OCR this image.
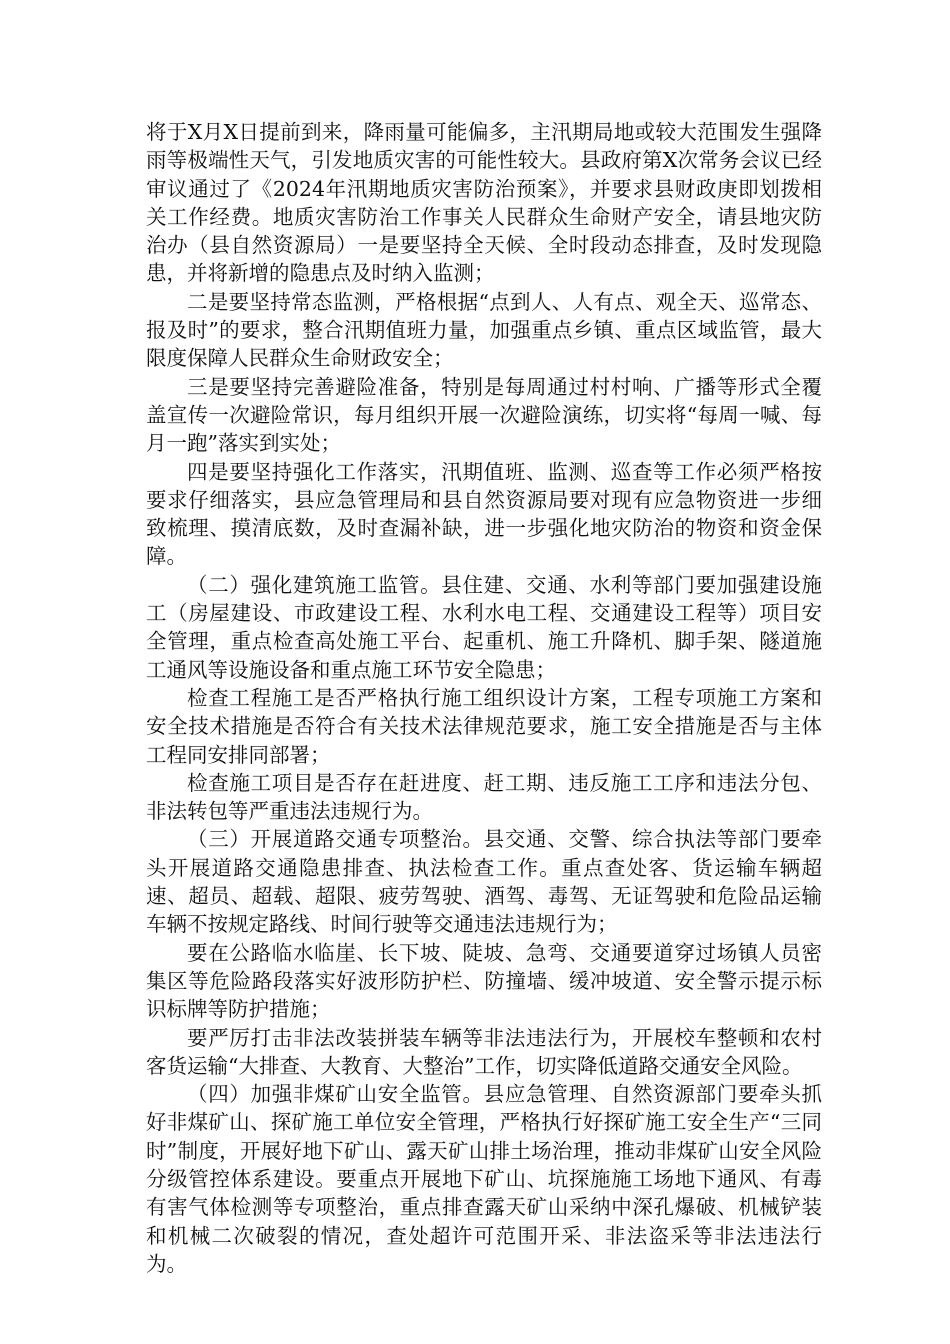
将于X月X日提前到来，降雨量可能偏多，主汛期局地或较大范围发生强降雨等极端性天气，引发地质灾害的可能性较大。县政府第X次常务会议已经审议通过了《2024年汛期地质灾害防治预案》，并要求县财政庚即划拨相关工作经费。地质灾害防治工作事关人民群众生命财产安全，请县地灾防治办（县自然资源局）一是要坚持全天候、全时段动态排查，及时发现隐患，并将新增的隐患点及时纳入监测；

二是要坚持常态监测，严格根据“点到人、人有点、观全天、巡常态、报及时”的要求，整合汛期值班力量，加强重点乡镇、重点区域监管，最大限度保障人民群众生命财政安全；

三是要坚持完善避险准备，特别是每周通过村村响、广播等形式全覆盖宣传一次避险常识，每月组织开展一次避险演练，切实将“每周一喊、每月一跑”落实到实处；

四是要坚持强化工作落实，汛期值班、监测、巡查等工作必须严格按要求仔细落实，县应急管理局和县自然资源局要对现有应急物资进一步细致梳理、摸清底数，及时查漏补缺，进一步强化地灾防治的物资和资金保障。

（二）强化建筑施工监管。县住建、交通、水利等部门要加强建设施工（房屋建设、市政建设工程、水利水电工程、交通建设工程等）项目安全管理，重点检查高处施工平台、起重机、施工升降机、脚手架、隧道施工通风等设施设备和重点施工环节安全隐患；

检查工程施工是否严格执行施工组织设计方案，工程专项施工方案和安全技术措施是否符合有关技术法律规范要求，施工安全措施是否与主体工程同安排同部署；

检查施工项目是否存在赶进度、赶工期、违反施工工序和违法分包、非法转包等严重违法违规行为。

（三）开展道路交通专项整治。县交通、交警、综合执法等部门要牵头开展道路交通隐患排查、执法检查工作。重点查处客、货运输车辆超速、超员、超载、超限、疲劳驾驶、酒驾、毒驾、无证驾驶和危险品运输车辆不按规定路线、时间行驶等交通违法违规行为；

要在公路临水临崖、长下坡、陡坡、急弯、交通要道穿过场镇人员密集区等危险路段落实好波形防护栏、防撞墙、缓冲坡道、安全警示提示标识标牌等防护措施；

要严厉打击非法改装拼装车辆等非法违法行为，开展校车整顿和农村客货运输“大排查、大教育、大整治”工作，切实降低道路交通安全风险。

（四）加强非煤矿山安全监管。县应急管理、自然资源部门要牵头抓好非煤矿山、探矿施工单位安全管理，严格执行好探矿施工安全生产“三同时”制度，开展好地下矿山、露天矿山排土场治理，推动非煤矿山安全风险分级管控体系建设。要重点开展地下矿山、坑探施施工场地下通风、有毒有害气体检测等专项整治，重点排查露天矿山采纳中深孔爆破、机械铲装和机械二次破裂的情况，查处超许可范围开采、非法盗采等非法违法行为。
